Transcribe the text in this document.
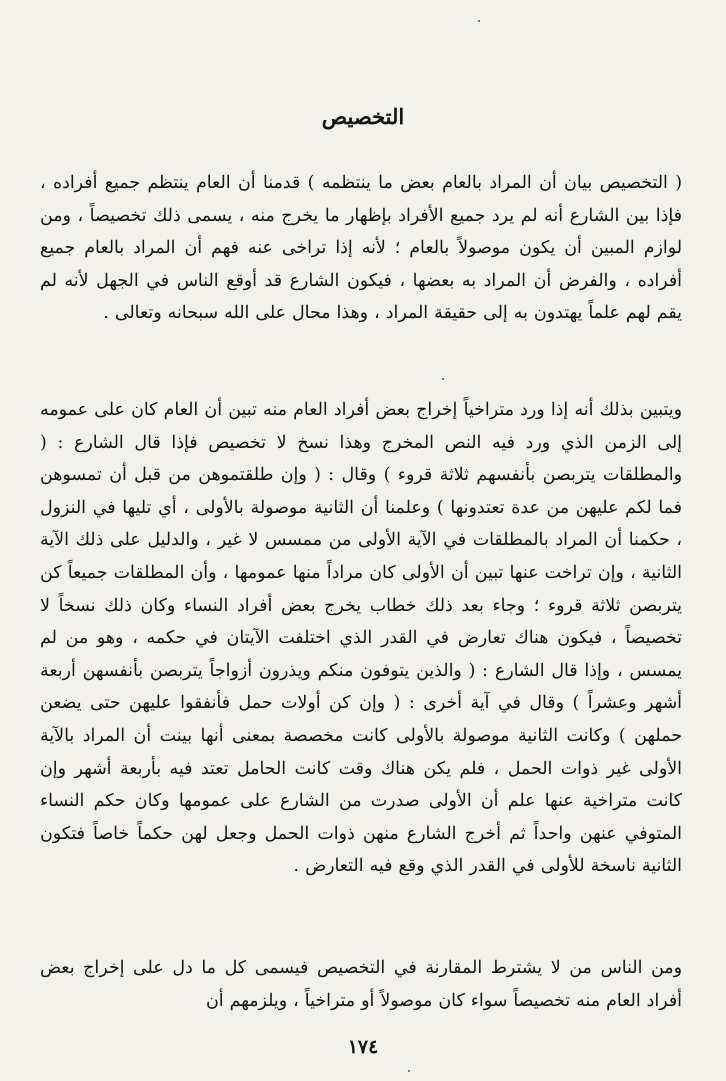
التخصيص

( التخصيص بيان أن المراد بالعام بعض ما ينتظمه ) قدمنا أن العام ينتظم جميع أفراده ، فإذا بين الشارع أنه لم يرد جميع الأفراد بإظهار ما يخرج منه ، يسمى ذلك تخصيصاً ، ومن لوازم المبين أن يكون موصولاً بالعام ؛ لأنه إذا تراخى عنه فهم أن المراد بالعام جميع أفراده ، والفرض أن المراد به بعضها ، فيكون الشارع قد أوقع الناس في الجهل لأنه لم يقم لهم علماً يهتدون به إلى حقيقة المراد ، وهذا محال على الله سبحانه وتعالى .

ويتبين بذلك أنه إذا ورد متراخياً إخراج بعض أفراد العام منه تبين أن العام كان على عمومه إلى الزمن الذي ورد فيه النص المخرج وهذا نسخ لا تخصيص فإذا قال الشارع : ( والمطلقات يتربصن بأنفسهم ثلاثة قروء ) وقال : ( وإن طلقتموهن من قبل أن تمسوهن فما لكم عليهن من عدة تعتدونها ) وعلمنا أن الثانية موصولة بالأولى ، أي تليها في النزول ، حكمنا أن المراد بالمطلقات في الآية الأولى من ممسس لا غير ، والدليل على ذلك الآية الثانية ، وإن تراخت عنها تبين أن الأولى كان مراداً منها عمومها ، وأن المطلقات جميعاً كن يتربصن ثلاثة قروء ؛ وجاء بعد ذلك خطاب يخرج بعض أفراد النساء وكان ذلك نسخاً لا تخصيصاً ، فيكون هناك تعارض في القدر الذي اختلفت الآيتان في حكمه ، وهو من لم يمسس ، وإذا قال الشارع : ( والذين يتوفون منكم ويذرون أزواجاً يتربصن بأنفسهن أربعة أشهر وعشراً ) وقال في آية أخرى : ( وإن كن أولات حمل فأنفقوا عليهن حتى يضعن حملهن ) وكانت الثانية موصولة بالأولى كانت مخصصة بمعنى أنها بينت أن المراد بالآية الأولى غير ذوات الحمل ، فلم يكن هناك وقت كانت الحامل تعتد فيه بأربعة أشهر وإن كانت متراخية عنها علم أن الأولى صدرت من الشارع على عمومها وكان حكم النساء المتوفي عنهن واحداً ثم أخرج الشارع منهن ذوات الحمل وجعل لهن حكماً خاصاً فتكون الثانية ناسخة للأولى في القدر الذي وقع فيه التعارض .

ومن الناس من لا يشترط المقارنة في التخصيص فيسمى كل ما دل على إخراج بعض أفراد العام منه تخصيصاً سواء كان موصولاً أو متراخياً ، ويلزمهم أن

١٧٤
